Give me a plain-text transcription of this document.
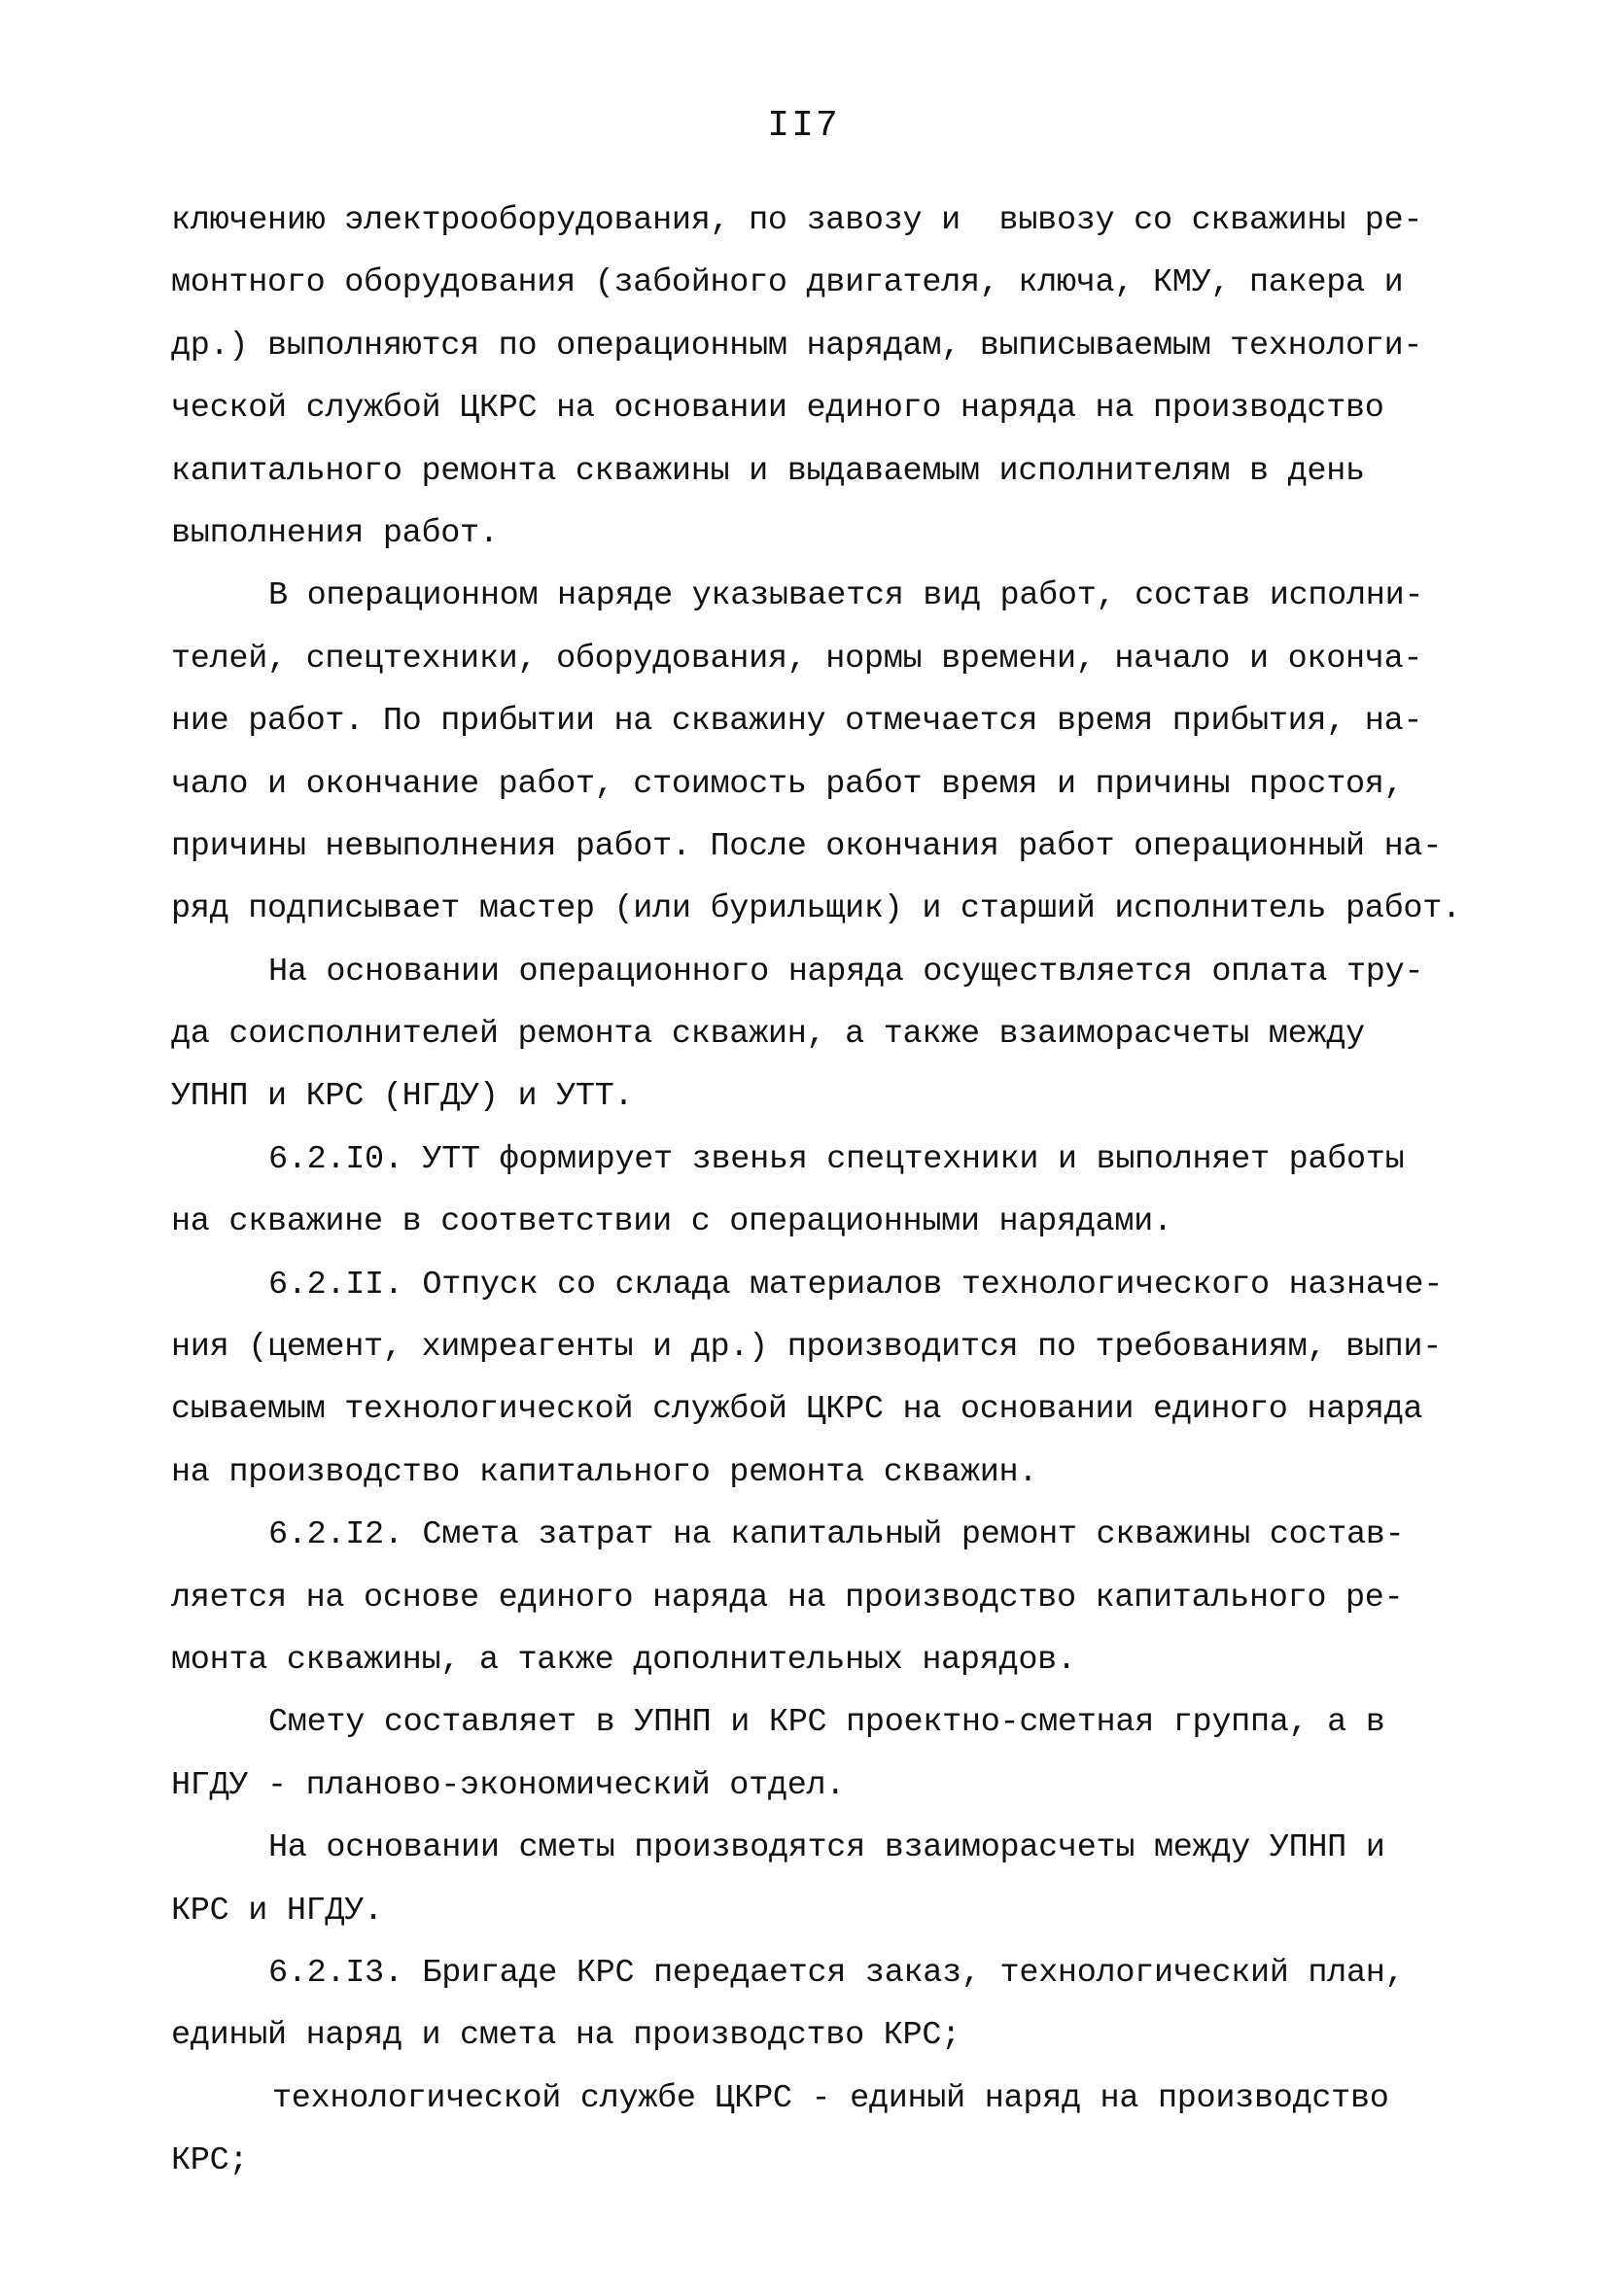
II7
ключению электрооборудования, по завозу и  вывозу со скважины ре-
монтного оборудования (забойного двигателя, ключа, КМУ, пакера и
др.) выполняются по операционным нарядам, выписываемым технологи-
ческой службой ЦКРС на основании единого наряда на производство
капитального ремонта скважины и выдаваемым исполнителям в день
выполнения работ.
В операционном наряде указывается вид работ, состав исполни-
телей, спецтехники, оборудования, нормы времени, начало и оконча-
ние работ. По прибытии на скважину отмечается время прибытия, на-
чало и окончание работ, стоимость работ время и причины простоя,
причины невыполнения работ. После окончания работ операционный на-
ряд подписывает мастер (или бурильщик) и старший исполнитель работ.
На основании операционного наряда осуществляется оплата тру-
да соисполнителей ремонта скважин, а также взаиморасчеты между
УПНП и КРС (НГДУ) и УТТ.
6.2.I0. УТТ формирует звенья спецтехники и выполняет работы
на скважине в соответствии с операционными нарядами.
6.2.II. Отпуск со склада материалов технологического назначе-
ния (цемент, химреагенты и др.) производится по требованиям, выпи-
сываемым технологической службой ЦКРС на основании единого наряда
на производство капитального ремонта скважин.
6.2.I2. Смета затрат на капитальный ремонт скважины состав-
ляется на основе единого наряда на производство капитального ре-
монта скважины, а также дополнительных нарядов.
Смету составляет в УПНП и КРС проектно-сметная группа, а в
НГДУ - планово-экономический отдел.
На основании сметы производятся взаиморасчеты между УПНП и
КРС и НГДУ.
6.2.I3. Бригаде КРС передается заказ, технологический план,
единый наряд и смета на производство КРС;
технологической службе ЦКРС - единый наряд на производство
КРС;
